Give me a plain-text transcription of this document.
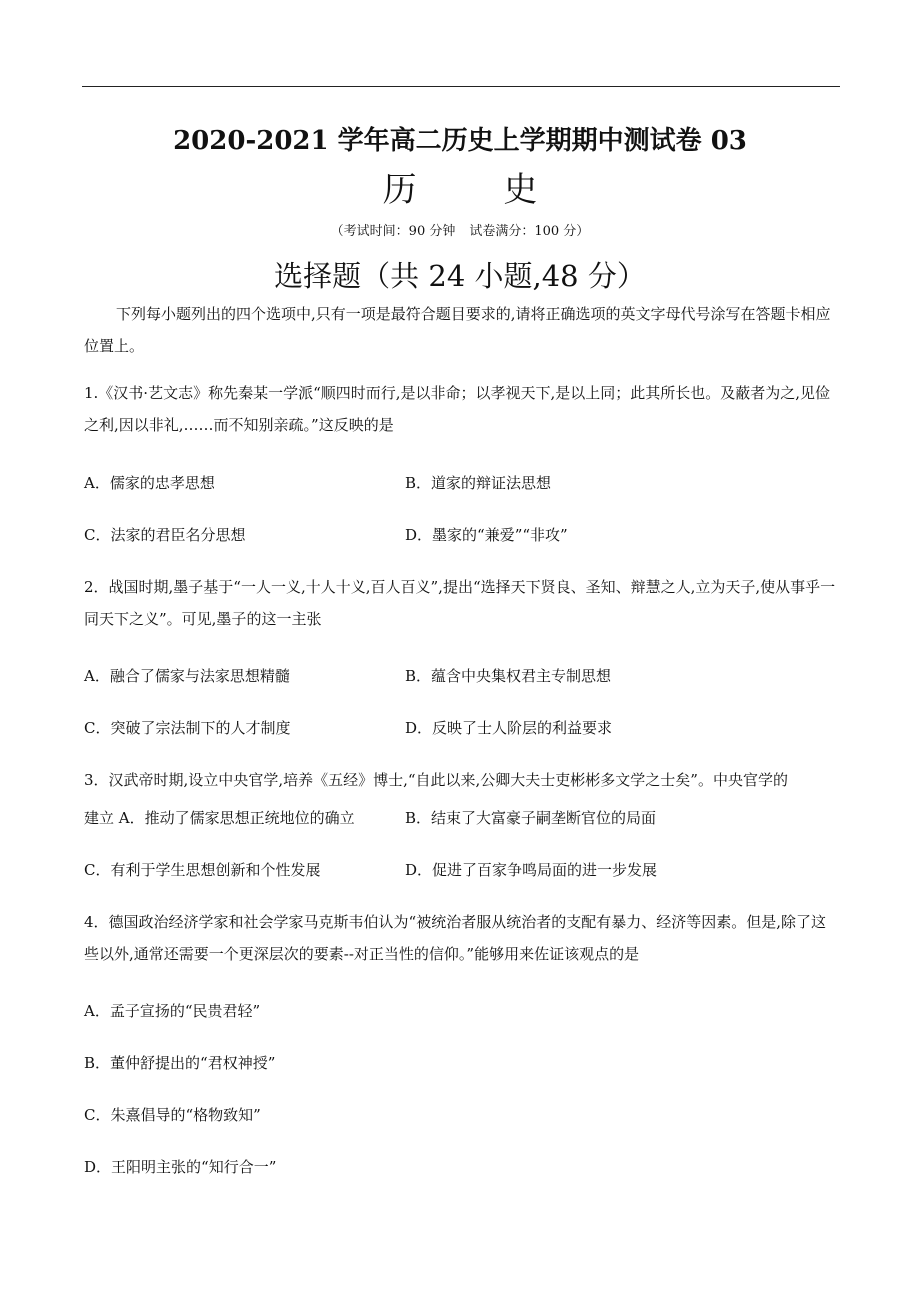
2020-2021 学年高二历史上学期期中测试卷 03
历 史
（考试时间：90 分钟 试卷满分：100 分）
选择题（共 24 小题,48 分）

下列每小题列出的四个选项中,只有一项是最符合题目要求的,请将正确选项的英文字母代号涂写在答题卡相应位置上。

1.《汉书·艺文志》称先秦某一学派“顺四时而行,是以非命；以孝视天下,是以上同；此其所长也。及蔽者为之,见俭之利,因以非礼,……而不知别亲疏。”这反映的是

A．儒家的忠孝思想	B．道家的辩证法思想
C．法家的君臣名分思想	D．墨家的“兼爱”“非攻”

2．战国时期,墨子基于“一人一义,十人十义,百人百义”,提出“选择天下贤良、圣知、辩慧之人,立为天子,使从事乎一同天下之义”。可见,墨子的这一主张

A．融合了儒家与法家思想精髓	B．蕴含中央集权君主专制思想
C．突破了宗法制下的人才制度	D．反映了士人阶层的利益要求
3．汉武帝时期,设立中央官学,培养《五经》博士,“自此以来,公卿大夫士吏彬彬多文学之士矣”。中央官学的
建立 A．推动了儒家思想正统地位的确立	B．结束了大富豪子嗣垄断官位的局面
C．有利于学生思想创新和个性发展	D．促进了百家争鸣局面的进一步发展

4．德国政治经济学家和社会学家马克斯韦伯认为“被统治者服从统治者的支配有暴力、经济等因素。但是,除了这些以外,通常还需要一个更深层次的要素--对正当性的信仰。”能够用来佐证该观点的是

A．孟子宣扬的“民贵君轻”
B．董仲舒提出的“君权神授”
C．朱熹倡导的“格物致知”
D．王阳明主张的“知行合一”
